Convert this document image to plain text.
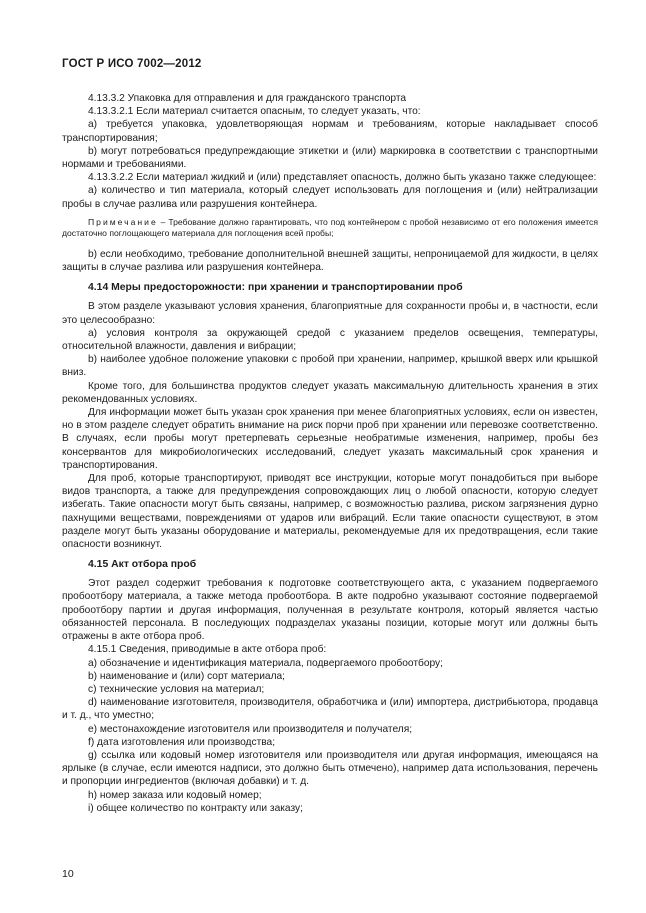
ГОСТ Р ИСО 7002—2012

4.13.3.2 Упаковка для отправления и для гражданского транспорта

4.13.3.2.1 Если материал считается опасным, то следует указать, что:

a) требуется упаковка, удовлетворяющая нормам и требованиям, которые накладывает способ транспортирования;

b) могут потребоваться предупреждающие этикетки и (или) маркировка в соответствии с транспортными нормами и требованиями.

4.13.3.2.2 Если материал жидкий и (или) представляет опасность, должно быть указано также следующее:

a) количество и тип материала, который следует использовать для поглощения и (или) нейтрализации пробы в случае разлива или разрушения контейнера.

Примечание – Требование должно гарантировать, что под контейнером с пробой независимо от его положения имеется достаточно поглощающего материала для поглощения всей пробы;

b) если необходимо, требование дополнительной внешней защиты, непроницаемой для жидкости, в целях защиты в случае разлива или разрушения контейнера.

4.14 Меры предосторожности: при хранении и транспортировании проб

В этом разделе указывают условия хранения, благоприятные для сохранности пробы и, в частности, если это целесообразно:

a) условия контроля за окружающей средой с указанием пределов освещения, температуры, относительной влажности, давления и вибрации;

b) наиболее удобное положение упаковки с пробой при хранении, например, крышкой вверх или крышкой вниз.

Кроме того, для большинства продуктов следует указать максимальную длительность хранения в этих рекомендованных условиях.

Для информации может быть указан срок хранения при менее благоприятных условиях, если он известен, но в этом разделе следует обратить внимание на риск порчи проб при хранении или перевозке соответственно. В случаях, если пробы могут претерпевать серьезные необратимые изменения, например, пробы без консервантов для микробиологических исследований, следует указать максимальный срок хранения и транспортирования.

Для проб, которые транспортируют, приводят все инструкции, которые могут понадобиться при выборе видов транспорта, а также для предупреждения сопровождающих лиц о любой опасности, которую следует избегать. Такие опасности могут быть связаны, например, с возможностью разлива, риском загрязнения дурно пахнущими веществами, повреждениями от ударов или вибраций. Если такие опасности существуют, в этом разделе могут быть указаны оборудование и материалы, рекомендуемые для их предотвращения, если такие опасности возникнут.

4.15 Акт отбора проб

Этот раздел содержит требования к подготовке соответствующего акта, с указанием подвергаемого пробоотбору материала, а также метода пробоотбора. В акте подробно указывают состояние подвергаемой пробоотбору партии и другая информация, полученная в результате контроля, который является частью обязанностей персонала. В последующих подразделах указаны позиции, которые могут или должны быть отражены в акте отбора проб.

4.15.1 Сведения, приводимые в акте отбора проб:

a) обозначение и идентификация материала, подвергаемого пробоотбору;

b) наименование и (или) сорт материала;

c) технические условия на материал;

d) наименование изготовителя, производителя, обработчика и (или) импортера, дистрибьютора, продавца и т. д., что уместно;

e) местонахождение изготовителя или производителя и получателя;

f) дата изготовления или производства;

g) ссылка или кодовый номер изготовителя или производителя или другая информация, имеющаяся на ярлыке (в случае, если имеются надписи, это должно быть отмечено), например дата использования, перечень и пропорции ингредиентов (включая добавки) и т. д.

h) номер заказа или кодовый номер;

i) общее количество по контракту или заказу;

10
